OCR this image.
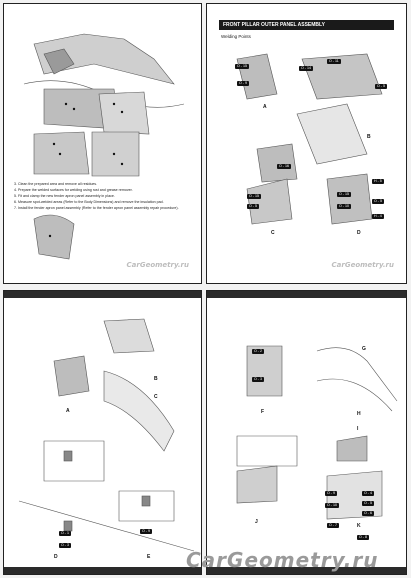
3. Clean the prepared area and remove all residues.
4. Prepare the welded surfaces for welding using rust and grease remover.
5. Fit and clamp the new fender apron panel assembly in place.
6. Measure spot-welded areas (Refer to the Body Dimensions) and remove the insulation pad.
7. Install the fender apron panel assembly (Refer to the fender apron panel assembly repair procedure).
CarGeometry.ru
FRONT PILLAR OUTER PANEL ASSEMBLY
Welding Points
A
B
C	D
O - 15
O - 11
O - 9
O - 14
O - 5
O - 16
O - 15
O - 5
H - 5
O - 15
O - 10
O - 5
H - 4
CarGeometry.ru
A
B
C
D	E
O - 1
O - 3
O - 9
F
G
H
I
J
K
O - 2
O - 3
O - 4
O - 5
O - 6
O - 7
O - 8
O - 9
O - 10
CarGeometry.ru
